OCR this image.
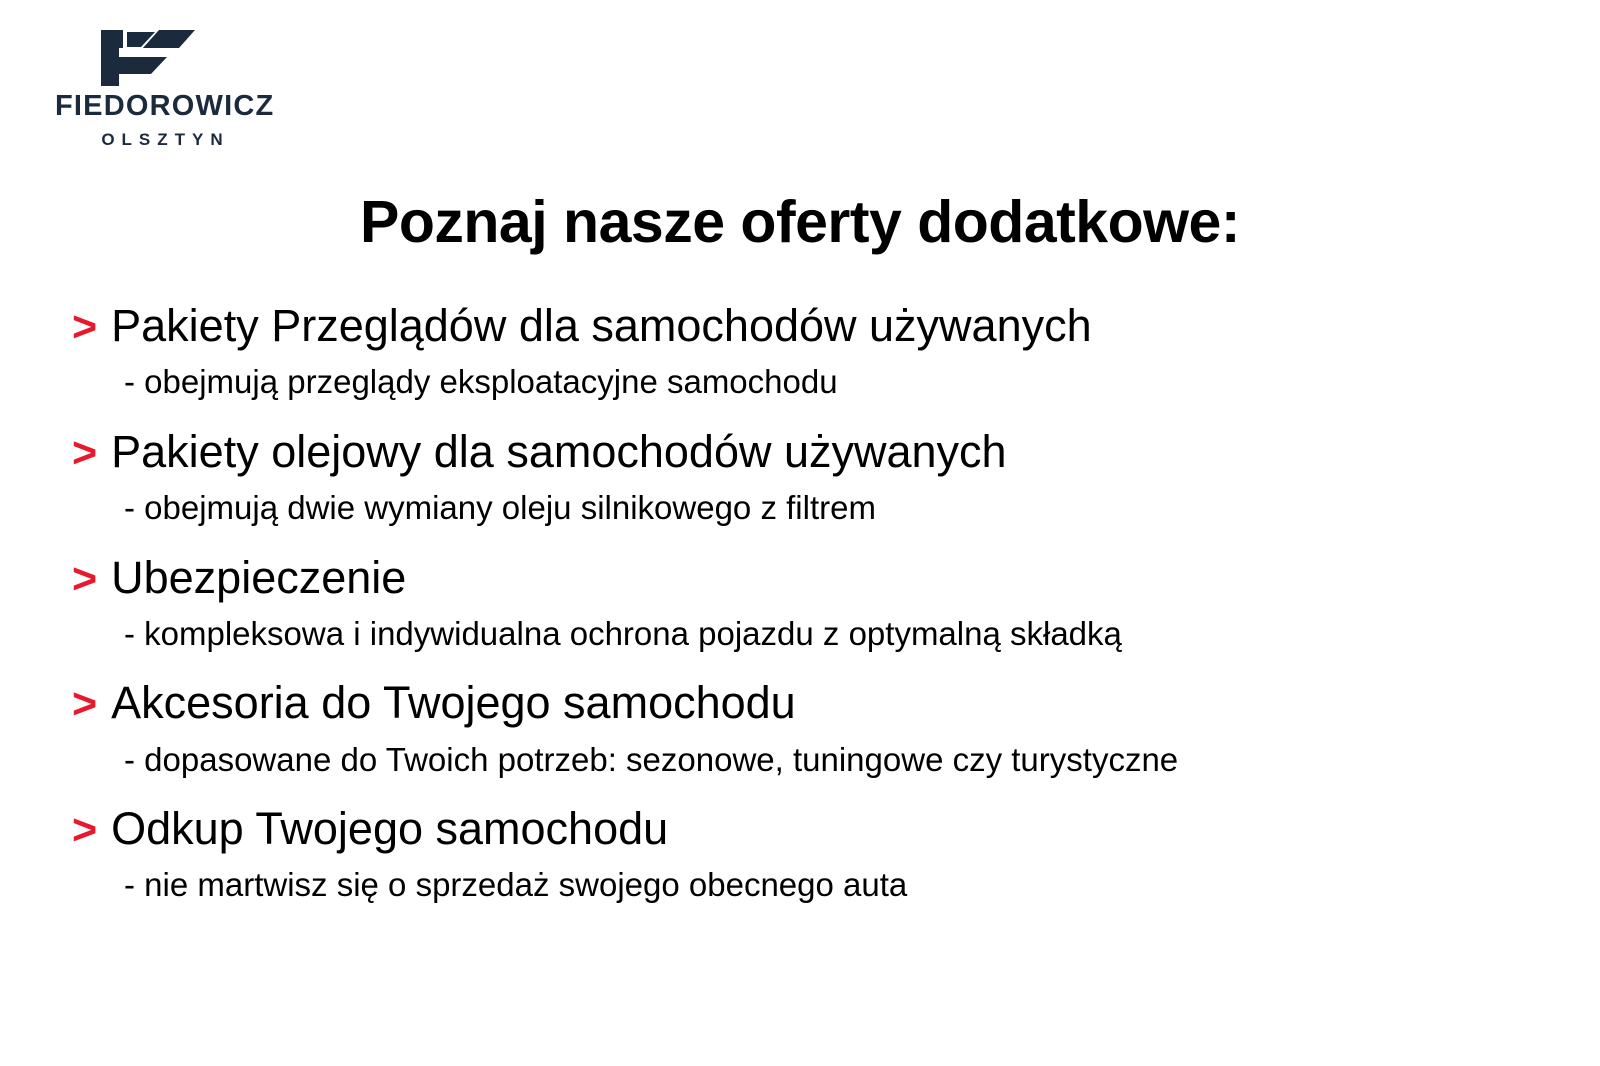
FIEDOROWICZ
OLSZTYN
Poznaj nasze oferty dodatkowe:
> Pakiety Przeglądów dla samochodów używanych
- obejmują przeglądy eksploatacyjne samochodu
> Pakiety olejowy dla samochodów używanych
- obejmują dwie wymiany oleju silnikowego z filtrem
> Ubezpieczenie
- kompleksowa i indywidualna ochrona pojazdu z optymalną składką
> Akcesoria do Twojego samochodu
- dopasowane do Twoich potrzeb: sezonowe, tuningowe czy turystyczne
> Odkup Twojego samochodu
- nie martwisz się o sprzedaż swojego obecnego auta
